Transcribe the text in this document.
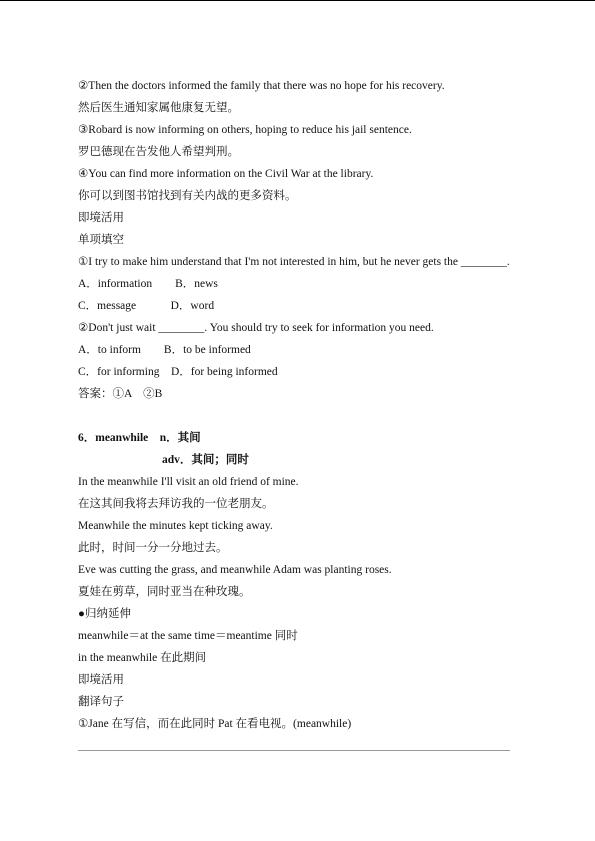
②Then the doctors informed the family that there was no hope for his recovery.
然后医生通知家属他康复无望。
③Robard is now informing on others, hoping to reduce his jail sentence.
罗巴德现在告发他人希望判刑。
④You can find more information on the Civil War at the library.
你可以到图书馆找到有关内战的更多资料。
即境活用
单项填空
①I try to make him understand that I'm not interested in him, but he never gets the ________.
A．information　　B．news
C．message　　　D．word
②Don't just wait ________. You should try to seek for information you need.
A．to inform　　B．to be informed
C．for informing　D．for being informed
答案：①A　②B
6．meanwhile　n．其间
adv．其间；同时
In the meanwhile I'll visit an old friend of mine.
在这其间我将去拜访我的一位老朋友。
Meanwhile the minutes kept ticking away.
此时，时间一分一分地过去。
Eve was cutting the grass, and meanwhile Adam was planting roses.
夏娃在剪草，同时亚当在种玫瑰。
●归纳延伸
meanwhile＝at the same time＝meantime 同时
in the meanwhile 在此期间
即境活用
翻译句子
①Jane 在写信，而在此同时 Pat 在看电视。(meanwhile)
